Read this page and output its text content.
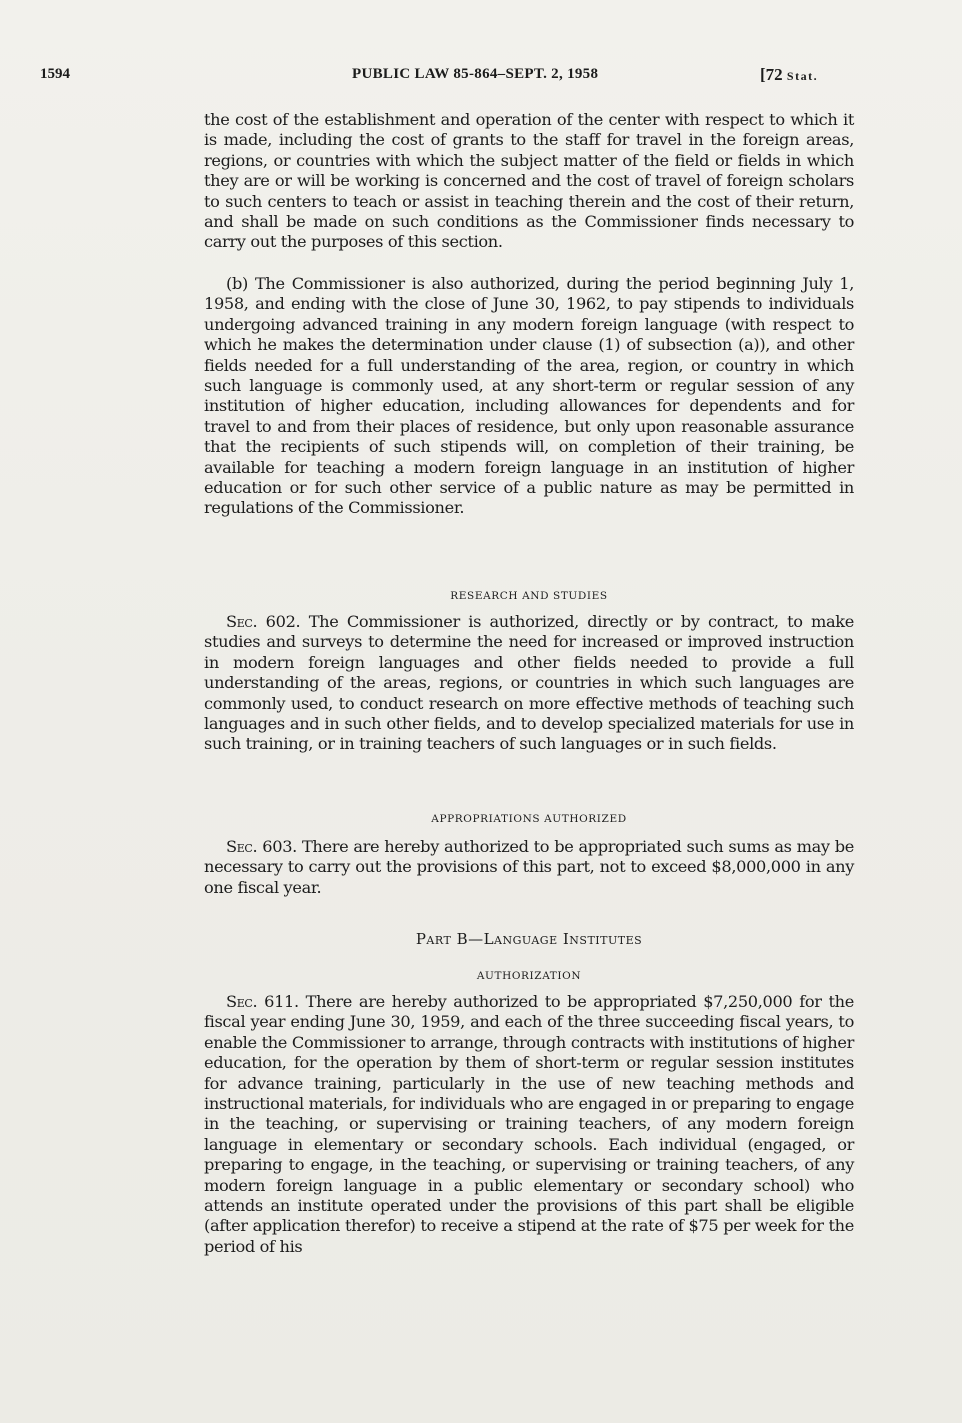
1594	PUBLIC LAW 85-864–SEPT. 2, 1958	[72 Stat.

the cost of the establishment and operation of the center with respect to which it is made, including the cost of grants to the staff for travel in the foreign areas, regions, or countries with which the subject matter of the field or fields in which they are or will be working is concerned and the cost of travel of foreign scholars to such centers to teach or assist in teaching therein and the cost of their return, and shall be made on such conditions as the Commissioner finds necessary to carry out the purposes of this section.

(b) The Commissioner is also authorized, during the period beginning July 1, 1958, and ending with the close of June 30, 1962, to pay stipends to individuals undergoing advanced training in any modern foreign language (with respect to which he makes the determination under clause (1) of subsection (a)), and other fields needed for a full understanding of the area, region, or country in which such language is commonly used, at any short-term or regular session of any institution of higher education, including allowances for dependents and for travel to and from their places of residence, but only upon reasonable assurance that the recipients of such stipends will, on completion of their training, be available for teaching a modern foreign language in an institution of higher education or for such other service of a public nature as may be permitted in regulations of the Commissioner.

RESEARCH AND STUDIES

Sec. 602. The Commissioner is authorized, directly or by contract, to make studies and surveys to determine the need for increased or improved instruction in modern foreign languages and other fields needed to provide a full understanding of the areas, regions, or countries in which such languages are commonly used, to conduct research on more effective methods of teaching such languages and in such other fields, and to develop specialized materials for use in such training, or in training teachers of such languages or in such fields.

APPROPRIATIONS AUTHORIZED

Sec. 603. There are hereby authorized to be appropriated such sums as may be necessary to carry out the provisions of this part, not to exceed $8,000,000 in any one fiscal year.

Part B—Language Institutes
AUTHORIZATION

Sec. 611. There are hereby authorized to be appropriated $7,250,000 for the fiscal year ending June 30, 1959, and each of the three succeeding fiscal years, to enable the Commissioner to arrange, through contracts with institutions of higher education, for the operation by them of short-term or regular session institutes for advance training, particularly in the use of new teaching methods and instructional materials, for individuals who are engaged in or preparing to engage in the teaching, or supervising or training teachers, of any modern foreign language in elementary or secondary schools. Each individual (engaged, or preparing to engage, in the teaching, or supervising or training teachers, of any modern foreign language in a public elementary or secondary school) who attends an institute operated under the provisions of this part shall be eligible (after application therefor) to receive a stipend at the rate of $75 per week for the period of his
